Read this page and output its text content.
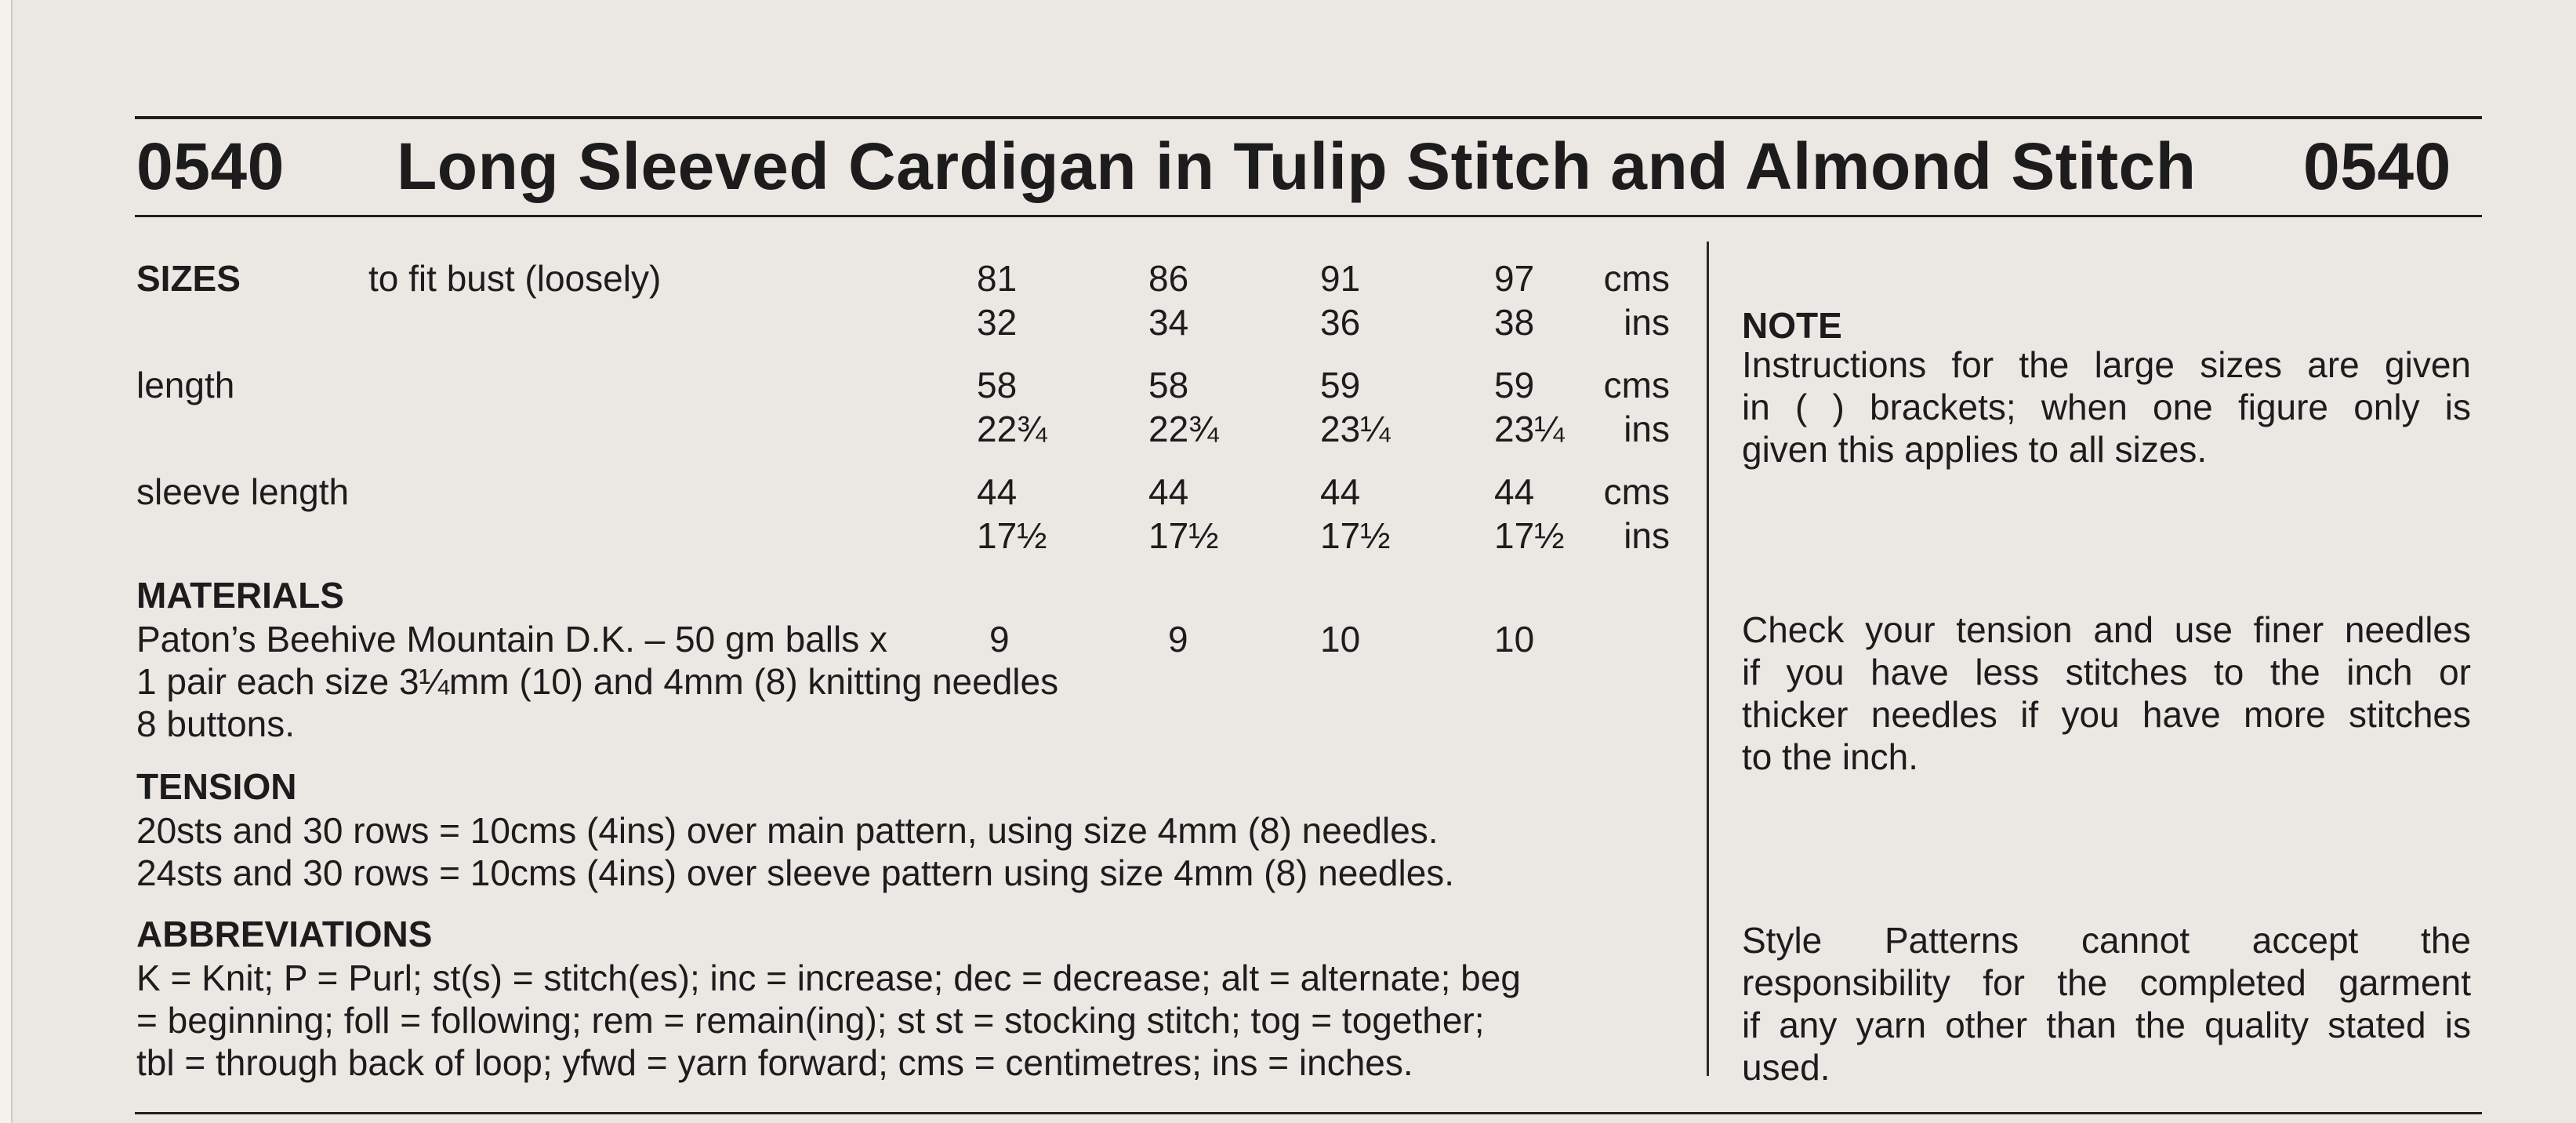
0540 Long Sleeved Cardigan in Tulip Stitch and Almond Stitch 0540
SIZES	to fit bust (loosely)	81	86	91	97	cms
32	34	36	38	ins
length	58	58	59	59	cms
22¾	22¾	23¼	23¼	ins
sleeve length	44	44	44	44	cms
17½	17½	17½	17½	ins
MATERIALS
Paton’s Beehive Mountain D.K. – 50 gm balls x	9	9	10	10
1 pair each size 3¼mm (10) and 4mm (8) knitting needles
8 buttons.
TENSION
20sts and 30 rows = 10cms (4ins) over main pattern, using size 4mm (8) needles.
24sts and 30 rows = 10cms (4ins) over sleeve pattern using size 4mm (8) needles.
ABBREVIATIONS
K = Knit; P = Purl; st(s) = stitch(es); inc = increase; dec = decrease; alt = alternate; beg
= beginning; foll = following; rem = remain(ing); st st = stocking stitch; tog = together;
tbl = through back of loop; yfwd = yarn forward; cms = centimetres; ins = inches.
NOTE

Instructions for the large sizes are given

in ( ) brackets; when one figure only is

given this applies to all sizes.

Check your tension and use finer needles

if you have less stitches to the inch or

thicker needles if you have more stitches

to the inch.

Style Patterns cannot accept the

responsibility for the completed garment

if any yarn other than the quality stated is

used.
